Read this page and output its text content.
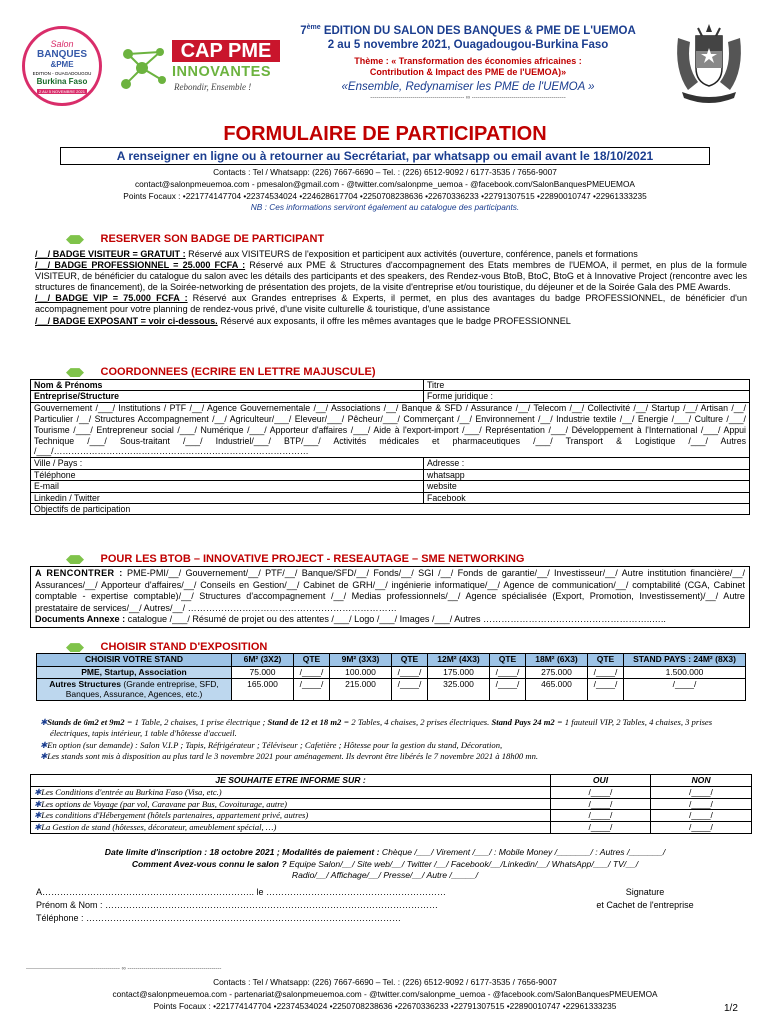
Salon
BANQUES
&PME
EDITION - OUAGADOUGOU
Burkina Faso
2 AU 5 NOVEMBRE 2021
CAP PME
INNOVANTES
Rebondir, Ensemble !
7ème EDITION DU SALON DES BANQUES & PME DE L'UEMOA
2 au 5 novembre 2021, Ouagadougou-Burkina Faso
Thème : « Transformation des économies africaines :
Contribution & Impact des PME de l'UEMOA)»
«Ensemble, Redynamiser les PME de l'UEMOA »
----------------------------------------------- ∞ -----------------------------------------------
FORMULAIRE DE PARTICIPATION
A renseigner en ligne ou à retourner au Secrétariat, par whatsapp ou email avant le 18/10/2021
Contacts : Tel / Whatsapp: (226) 7667-6690 – Tel. : (226) 6512-9092 / 6177-3535 / 7656-9007
contact@salonpmeuemoa.com - pmesalon@gmail.com - @twitter.com/salonpme_uemoa - @facebook.com/SalonBanquesPMEUEMOA
Points Focaux : •221774147704 •22374534024 •224628617704 •2250708238636 •22670336233 •22791307515 •22890010747 •22961333235
NB : Ces informations serviront également au catalogue des participants.
RESERVER SON BADGE DE PARTICIPANT
/__/ BADGE VISITEUR = GRATUIT : Réservé aux VISITEURS de l'exposition et participent aux activités (ouverture, conférence, panels et formations
/__/ BADGE PROFESSIONNEL = 25.000 FCFA : Réservé aux PME & Structures d'accompagnement des Etats membres de l'UEMOA, il permet, en plus de la formule VISITEUR, de bénéficier du catalogue du salon avec les détails des participants et des speakers, des Rendez-vous BtoB, BtoC, BtoG et à Innovative Project (rencontre avec les structures de financement), de la Soirée-networking de présentation des projets, de la visite d'entreprise et/ou touristique, du déjeuner et de la Soirée Gala des PME Awards.
/__/ BADGE VIP = 75.000 FCFA : Réservé aux Grandes entreprises & Experts, il permet, en plus des avantages du badge PROFESSIONNEL, de bénéficier d'un accompagnement pour votre planning de rendez-vous privé, d'une visite culturelle & touristique, d'une assistance
/__/ BADGE EXPOSANT = voir ci-dessous. Réservé aux exposants, il offre les mêmes avantages que le badge PROFESSIONNEL
COORDONNEES (ECRIRE EN LETTRE MAJUSCULE)
Nom & Prénoms	Titre
Entreprise/Structure	Forme juridique :
Gouvernement /___/ Institutions / PTF /__/ Agence Gouvernementale /__/ Associations /__/ Banque & SFD / Assurance /__/ Telecom /__/ Collectivité /__/ Startup /__/ Artisan /__/ Particulier /__/ Structures Accompagnement /__/ Agriculteur/___/ Eleveur/___/ Pêcheur/___/ Commerçant /__/ Environnement /__/ Industrie textile /__/ Energie /___/ Culture /___/ Tourisme /___/ Entrepreneur social /___/ Numérique /___/ Apporteur d'affaires /___/ Aide à l'export-import /___/ Représentation /___/ Développement à l'International /___/ Appui Technique /___/ Sous-traitant /___/ Industriel/___/ BTP/___/ Activités médicales et pharmaceutiques /___/ Transport & Logistique /___/ Autres /___/……………………………………………………………………………	
Ville / Pays :	Adresse :
Téléphone	whatsapp
E-mail	website
Linkedin / Twitter	Facebook
Objectifs de participation	
POUR LES BTOB – INNOVATIVE PROJECT - RESEAUTAGE – SME NETWORKING
A RENCONTRER : PME-PMI/__/ Gouvernement/__/ PTF/__/ Banque/SFD/__/ Fonds/__/ SGI /__/ Fonds de garantie/__/ Investisseur/__/ Autre institution financière/__/ Assurances/__/ Apporteur d'affaires/__/ Conseils en Gestion/__/ Cabinet de GRH/__/ ingénierie informatique/__/ Agence de communication/__/ comptabilité (CGA, Cabinet comptable - expertise comptable)/__/ Structures d'accompagnement /__/ Medias professionnels/__/ Agence spécialisée (Export, Promotion, Investissement)/__/ Autre prestataire de services/__/ Autres/__/ ……………………………………………………………
Documents Annexe : catalogue /___/ Résumé de projet ou des attentes /___/ Logo /___/ Images /___/ Autres ………………………………………………..…..
CHOISIR STAND D'EXPOSITION
CHOISIR VOTRE STAND	6M² (3X2)	QTE	9M² (3X3)	QTE	12M² (4X3)	QTE	18M² (6X3)	QTE	STAND PAYS : 24M² (8X3)
PME, Startup, Association	75.000	/____/	100.000	/____/	175.000	/____/	275.000	/____/	1.500.000
Autres Structures (Grande entreprise, SFD, Banques, Assurance, Agences, etc.)	165.000	/____/	215.000	/____/	325.000	/____/	465.000	/____/	/____/
✱Stands de 6m2 et 9m2 = 1 Table, 2 chaises, 1 prise électrique ; Stand de 12 et 18 m2 = 2 Tables, 4 chaises, 2 prises électriques. Stand Pays 24 m2 = 1 fauteuil VIP, 2 Tables, 4 chaises, 3 prises électriques, tapis intérieur, 1 table d'hôtesse d'accueil.
✱En option (sur demande) : Salon V.I.P ; Tapis, Réfrigérateur ; Téléviseur ; Cafetière ; Hôtesse pour la gestion du stand, Décoration,
✱Les stands sont mis à disposition au plus tard le 3 novembre 2021 pour aménagement. Ils devront être libérés le 7 novembre 2021 à 18h00 mn.
JE SOUHAITE ETRE INFORME SUR :	OUI	NON
✱Les Conditions d'entrée au Burkina Faso (Visa, etc.)	/____/	/____/
✱Les options de Voyage (par vol, Caravane par Bus, Covoiturage, autre)	/____/	/____/
✱Les conditions d'Hébergement (hôtels partenaires, appartement privé, autres)	/____/	/____/
✱La Gestion de stand (hôtesses, décorateur, ameublement spécial, …)	/____/	/____/
Date limite d'inscription : 18 octobre 2021 ; Modalités de paiement : Chèque /___/ Virement /___/ : Mobile Money /_______/ : Autres /_______/
Comment Avez-vous connu le salon ? Equipe Salon/__/ Site web/__/ Twitter /__/ Facebook/__/Linkedin/__/ WhatsApp/___/ TV/__/
Radio/__/ Affichage/__/ Presse/__/ Autre /_____/
A…………………………………………………………….. le ……………………………………………………
Prénom & Nom : …………………………………………………………………………………………………
Téléphone : ……………………………………………………………………………………………
Signature
et Cachet de l'entreprise
----------------------------------------------- ∞ -----------------------------------------------
Contacts : Tel / Whatsapp: (226) 7667-6690 – Tel. : (226) 6512-9092 / 6177-3535 / 7656-9007
contact@salonpmeuemoa.com - partenariat@salonpmeuemoa.com - @twitter.com/salonpme_uemoa - @facebook.com/SalonBanquesPMEUEMOA
Points Focaux : •221774147704 •22374534024 •2250708238636 •22670336233 •22791307515 •22890010747 •22961333235	1/2
